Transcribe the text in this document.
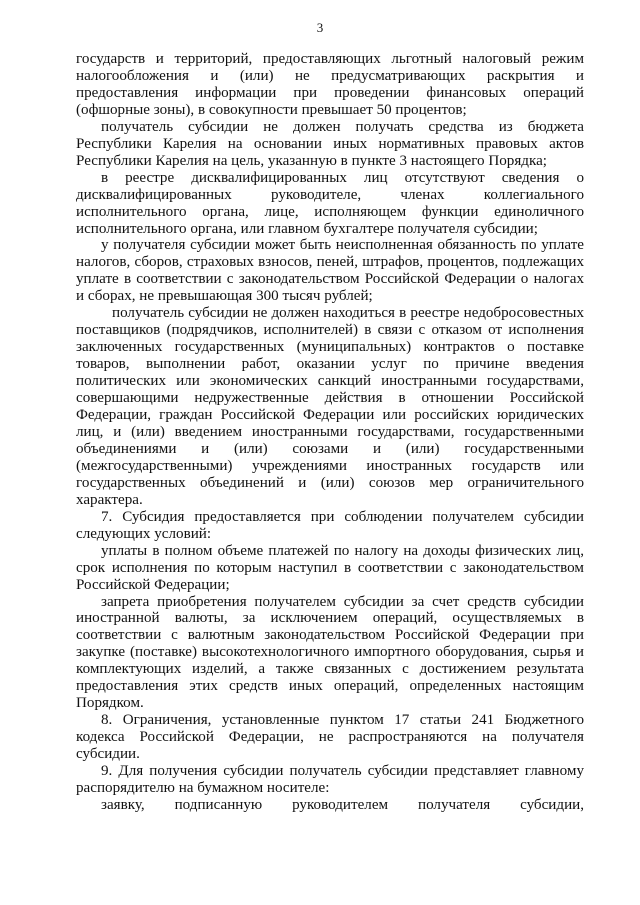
3

государств и территорий, предоставляющих льготный налоговый режим налогообложения и (или) не предусматривающих раскрытия и предоставления информации при проведении финансовых операций (офшорные зоны), в совокупности превышает 50 процентов;

получатель субсидии не должен получать средства из бюджета Республики Карелия на основании иных нормативных правовых актов Республики Карелия на цель, указанную в пункте 3 настоящего Порядка;

в реестре дисквалифицированных лиц отсутствуют сведения о дисквалифицированных руководителе, членах коллегиального исполнительного органа, лице, исполняющем функции единоличного исполнительного органа, или главном бухгалтере получателя субсидии;

у получателя субсидии может быть неисполненная обязанность по уплате налогов, сборов, страховых взносов, пеней, штрафов, процентов, подлежащих уплате в соответствии с законодательством Российской Федерации о налогах и сборах, не превышающая 300 тысяч рублей;

получатель субсидии не должен находиться в реестре недобросовестных поставщиков (подрядчиков, исполнителей) в связи с отказом от исполнения заключенных государственных (муниципальных) контрактов о поставке товаров, выполнении работ, оказании услуг по причине введения политических или экономических санкций иностранными государствами, совершающими недружественные действия в отношении Российской Федерации, граждан Российской Федерации или российских юридических лиц, и (или) введением иностранными государствами, государственными объединениями и (или) союзами и (или) государственными (межгосударственными) учреждениями иностранных государств или государственных объединений и (или) союзов мер ограничительного характера.

7. Субсидия предоставляется при соблюдении получателем субсидии следующих условий:

уплаты в полном объеме платежей по налогу на доходы физических лиц, срок исполнения по которым наступил в соответствии с законодательством Российской Федерации;

запрета приобретения получателем субсидии за счет средств субсидии иностранной валюты, за исключением операций, осуществляемых в соответствии с валютным законодательством Российской Федерации при закупке (поставке) высокотехнологичного импортного оборудования, сырья и комплектующих изделий, а также связанных с достижением результата предоставления этих средств иных операций, определенных настоящим Порядком.

8. Ограничения, установленные пунктом 17 статьи 241 Бюджетного кодекса Российской Федерации, не распространяются на получателя субсидии.

9. Для получения субсидии получатель субсидии представляет главному распорядителю на бумажном носителе:

заявку, подписанную руководителем получателя субсидии,
